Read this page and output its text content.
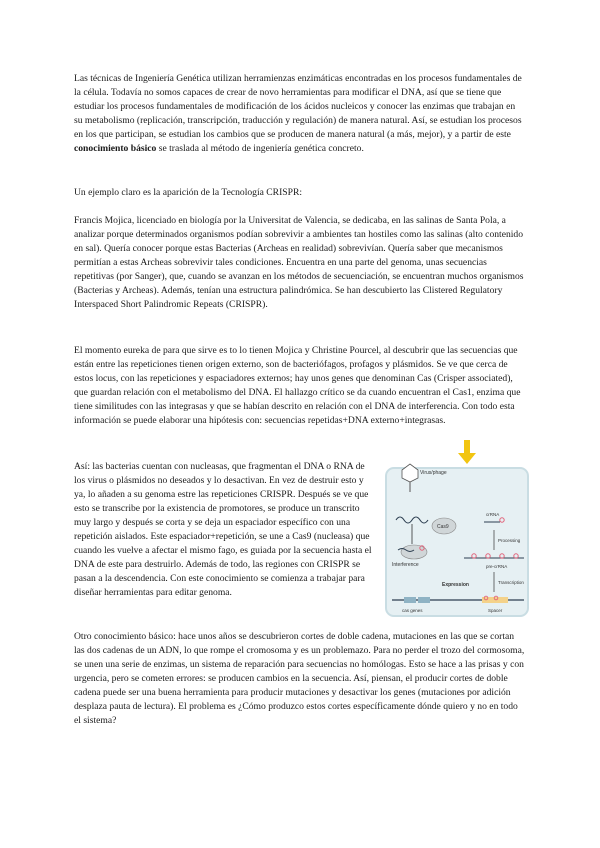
Las técnicas de Ingeniería Genética utilizan herramienzas enzimáticas encontradas en los procesos fundamentales de la célula. Todavía no somos capaces de crear de novo herramientas para modificar el DNA, así que se tiene que estudiar los procesos fundamentales de modificación de los ácidos nucleicos y conocer las enzimas que trabajan en su metabolismo (replicación, transcripción, traducción y regulación) de manera natural. Así, se estudian los procesos en los que participan, se estudian los cambios que se producen de manera natural (a más, mejor), y a partir de este conocimiento básico se traslada al método de ingeniería genética concreto.

Un ejemplo claro es la aparición de la Tecnología CRISPR:

Francis Mojica, licenciado en biología por la Universitat de Valencia, se dedicaba, en las salinas de Santa Pola, a analizar porque determinados organismos podían sobrevivir a ambientes tan hostiles como las salinas (alto contenido en sal). Quería conocer porque estas Bacterias (Archeas en realidad) sobrevivían. Quería saber que mecanismos permitían a estas Archeas sobrevivir tales condiciones. Encuentra en una parte del genoma, unas secuencias repetitivas (por Sanger), que, cuando se avanzan en los métodos de secuenciación, se encuentran muchos organismos (Bacterias y Archeas). Además, tenían una estructura palindrómica. Se han descubierto las Clistered Regulatory Interspaced Short Palindromic Repeats (CRISPR).

El momento eureka de para que sirve es to lo tienen Mojica y Christine Pourcel, al descubrir que las secuencias que están entre las repeticiones tienen origen externo, son de bacteriófagos, profagos y plásmidos. Se ve que cerca de estos locus, con las repeticiones y espaciadores externos; hay unos genes que denominan Cas (Crisper associated), que guardan relación con el metabolismo del DNA. El hallazgo crítico se da cuando encuentran el Cas1, enzima que tiene similitudes con las integrasas y que se habían descrito en relación con el DNA de interferencia. Con todo esta información se puede elaborar una hipótesis con: secuencias repetidas+DNA externo+integrasas.

Así: las bacterias cuentan con nucleasas, que fragmentan el DNA o RNA de los virus o plásmidos no deseados y lo desactivan. En vez de destruir esto y ya, lo añaden a su genoma estre las repeticiones CRISPR. Después se ve que esto se transcribe por la existencia de promotores, se produce un transcrito muy largo y después se corta y se deja un espaciador específico con una repetición aislados. Este espaciador+repetición, se une a Cas9 (nucleasa) que cuando les vuelve a afectar el mismo fago, es guiada por la secuencia hasta el DNA de este para destruirlo. Además de todo, las regiones con CRISPR se pasan a la descendencia. Con este conocimiento se comienza a trabajar para diseñar herramientas para editar genoma.

Virus/phage
Cas9
Interference
crRNA
Processing
pre-crRNA
Expression	Transcription
cas genes	Spacer

Otro conocimiento básico: hace unos años se descubrieron cortes de doble cadena, mutaciones en las que se cortan las dos cadenas de un ADN, lo que rompe el cromosoma y es un problemazo. Para no perder el trozo del cormosoma, se unen una serie de enzimas, un sistema de reparación para secuencias no homólogas. Esto se hace a las prisas y con urgencia, pero se cometen errores: se producen cambios en la secuencia. Así, piensan, el producir cortes de doble cadena puede ser una buena herramienta para producir mutaciones y desactivar los genes (mutaciones por adición desplaza pauta de lectura). El problema es ¿Cómo produzco estos cortes específicamente dónde quiero y no en todo el sistema?
